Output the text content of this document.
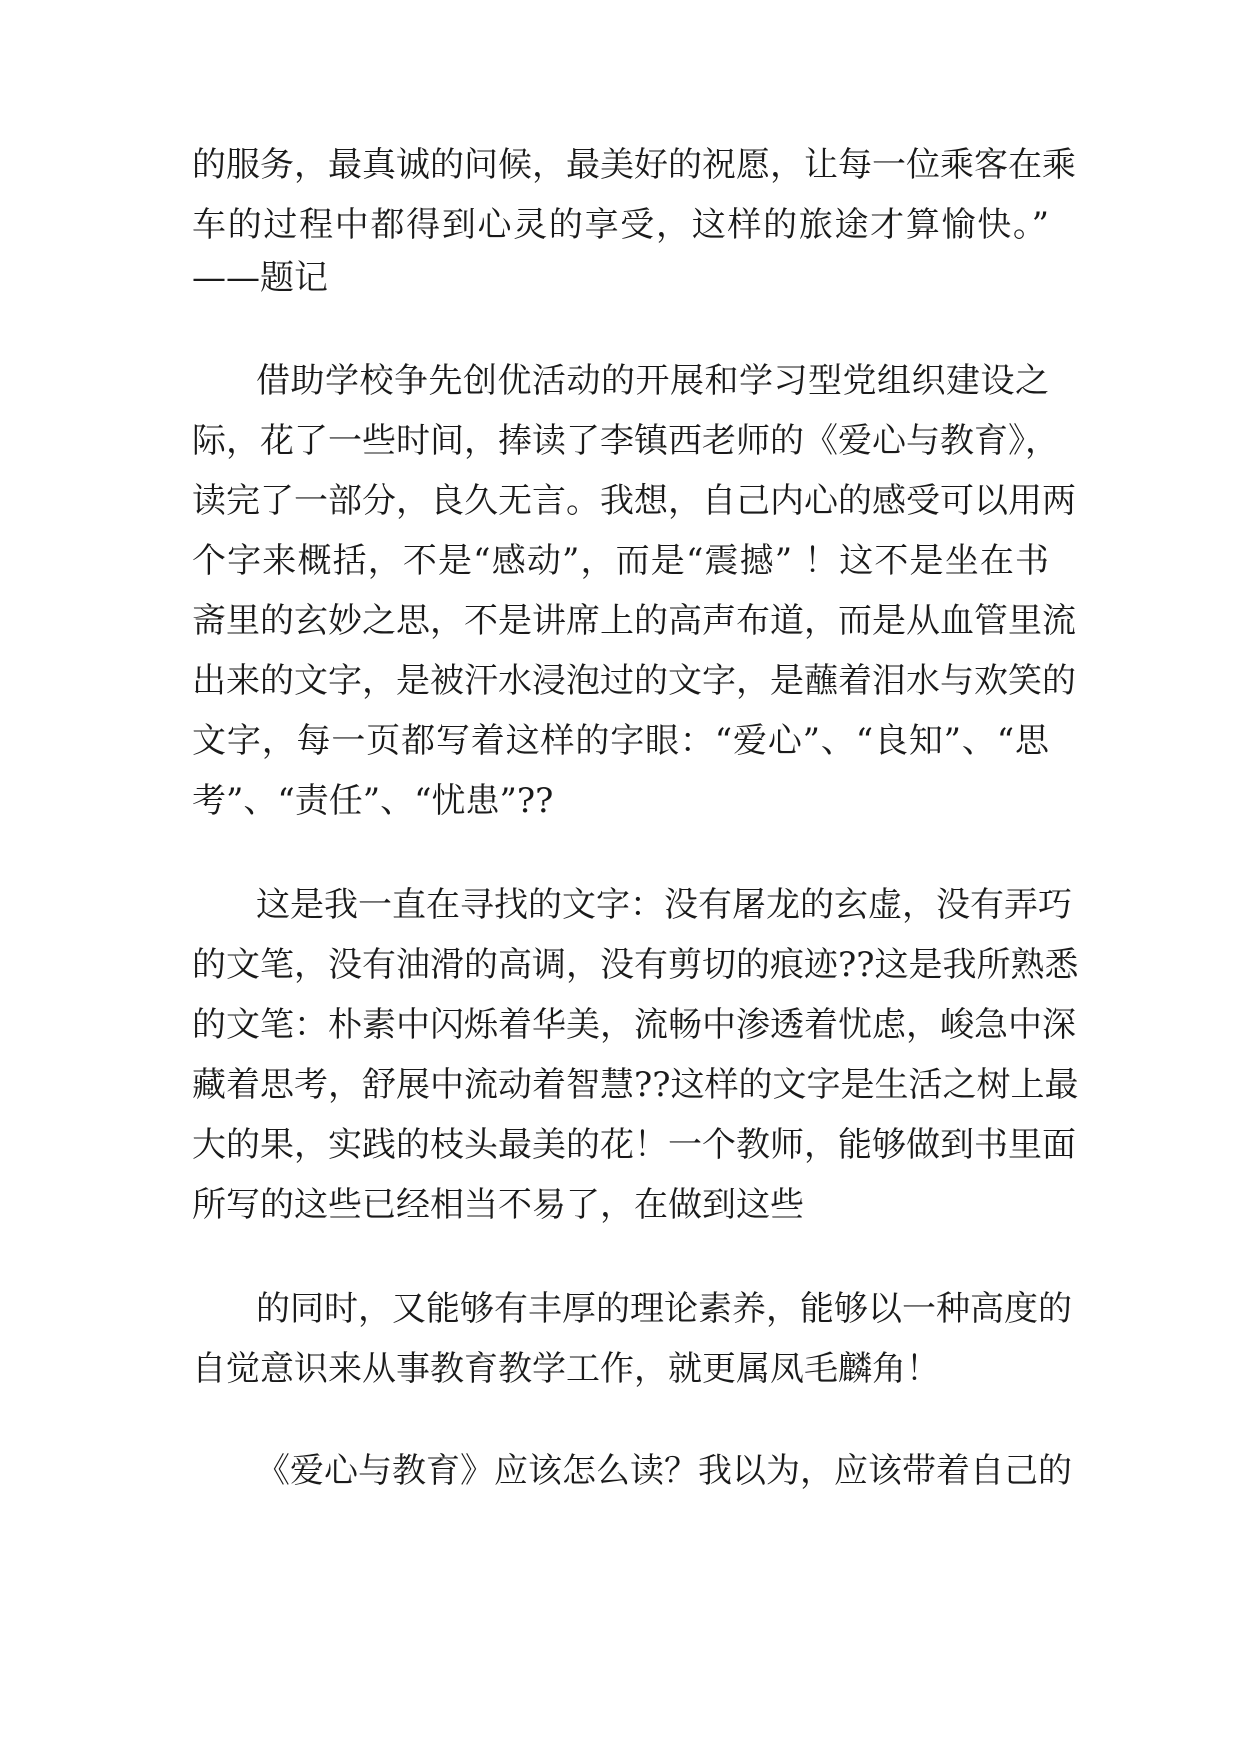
的服务，最真诚的问候，最美好的祝愿，让每一位乘客在乘
车的过程中都得到心灵的享受，这样的旅途才算愉快。”
——题记
借助学校争先创优活动的开展和学习型党组织建设之
际，花了一些时间，捧读了李镇西老师的《爱心与教育》，
读完了一部分，良久无言。我想，自己内心的感受可以用两
个字来概括，不是“感动”，而是“震撼” ！这不是坐在书
斋里的玄妙之思，不是讲席上的高声布道，而是从血管里流
出来的文字，是被汗水浸泡过的文字，是蘸着泪水与欢笑的
文字，每一页都写着这样的字眼：“爱心”、“良知”、“思
考”、“责任”、“忧患”??
这是我一直在寻找的文字：没有屠龙的玄虚，没有弄巧
的文笔，没有油滑的高调，没有剪切的痕迹??这是我所熟悉
的文笔：朴素中闪烁着华美，流畅中渗透着忧虑，峻急中深
藏着思考，舒展中流动着智慧??这样的文字是生活之树上最
大的果，实践的枝头最美的花！一个教师，能够做到书里面
所写的这些已经相当不易了，在做到这些
的同时，又能够有丰厚的理论素养，能够以一种高度的
自觉意识来从事教育教学工作，就更属凤毛麟角！
《爱心与教育》应该怎么读？我以为，应该带着自己的
